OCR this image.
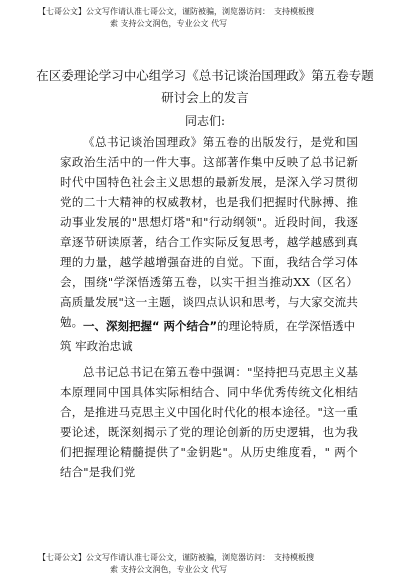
【七哥公文】公文写作请认准七哥公文，谨防被骗，浏览器访问：　支持模板搜
索 支持公文润色，专业公文 代写
在区委理论学习中心组学习《总书记谈治国理政》第五卷专题
研讨会上的发言
同志们:

《总书记谈治国理政》第五卷的出版发行，是党和国家政治生活中的一件大事。这部著作集中反映了总书记新时代中国特色社会主义思想的最新发展，是深入学习贯彻党的二十大精神的权威教材，也是我们把握时代脉搏、推动事业发展的"思想灯塔"和"行动纲领"。近段时间，我逐章逐节研读原著，结合工作实际反复思考，越学越感到真理的力量，越学越增强奋进的自觉。下面，我结合学习体会，围绕"学深悟透第五卷，以实干担当推动XX（区名）高质量发展"这一主题，谈四点认识和思考，与大家交流共勉。 一、深刻把握“ 两个结合”的理论特质，在学深悟透中筑 牢政治忠诚

总书记总书记在第五卷中强调："坚持把马克思主义基本原理同中国具体实际相结合、同中华优秀传统文化相结合，是推进马克思主义中国化时代化的根本途径。"这一重要论述，既深刻揭示了党的理论创新的历史逻辑，也为我们把握理论精髓提供了"金钥匙"。从历史维度看，" 两个结合"是我们党

【七哥公文】公文写作请认准七哥公文，谨防被骗，浏览器访问：　支持模板搜
索 支持公文润色，专业公文 代写
